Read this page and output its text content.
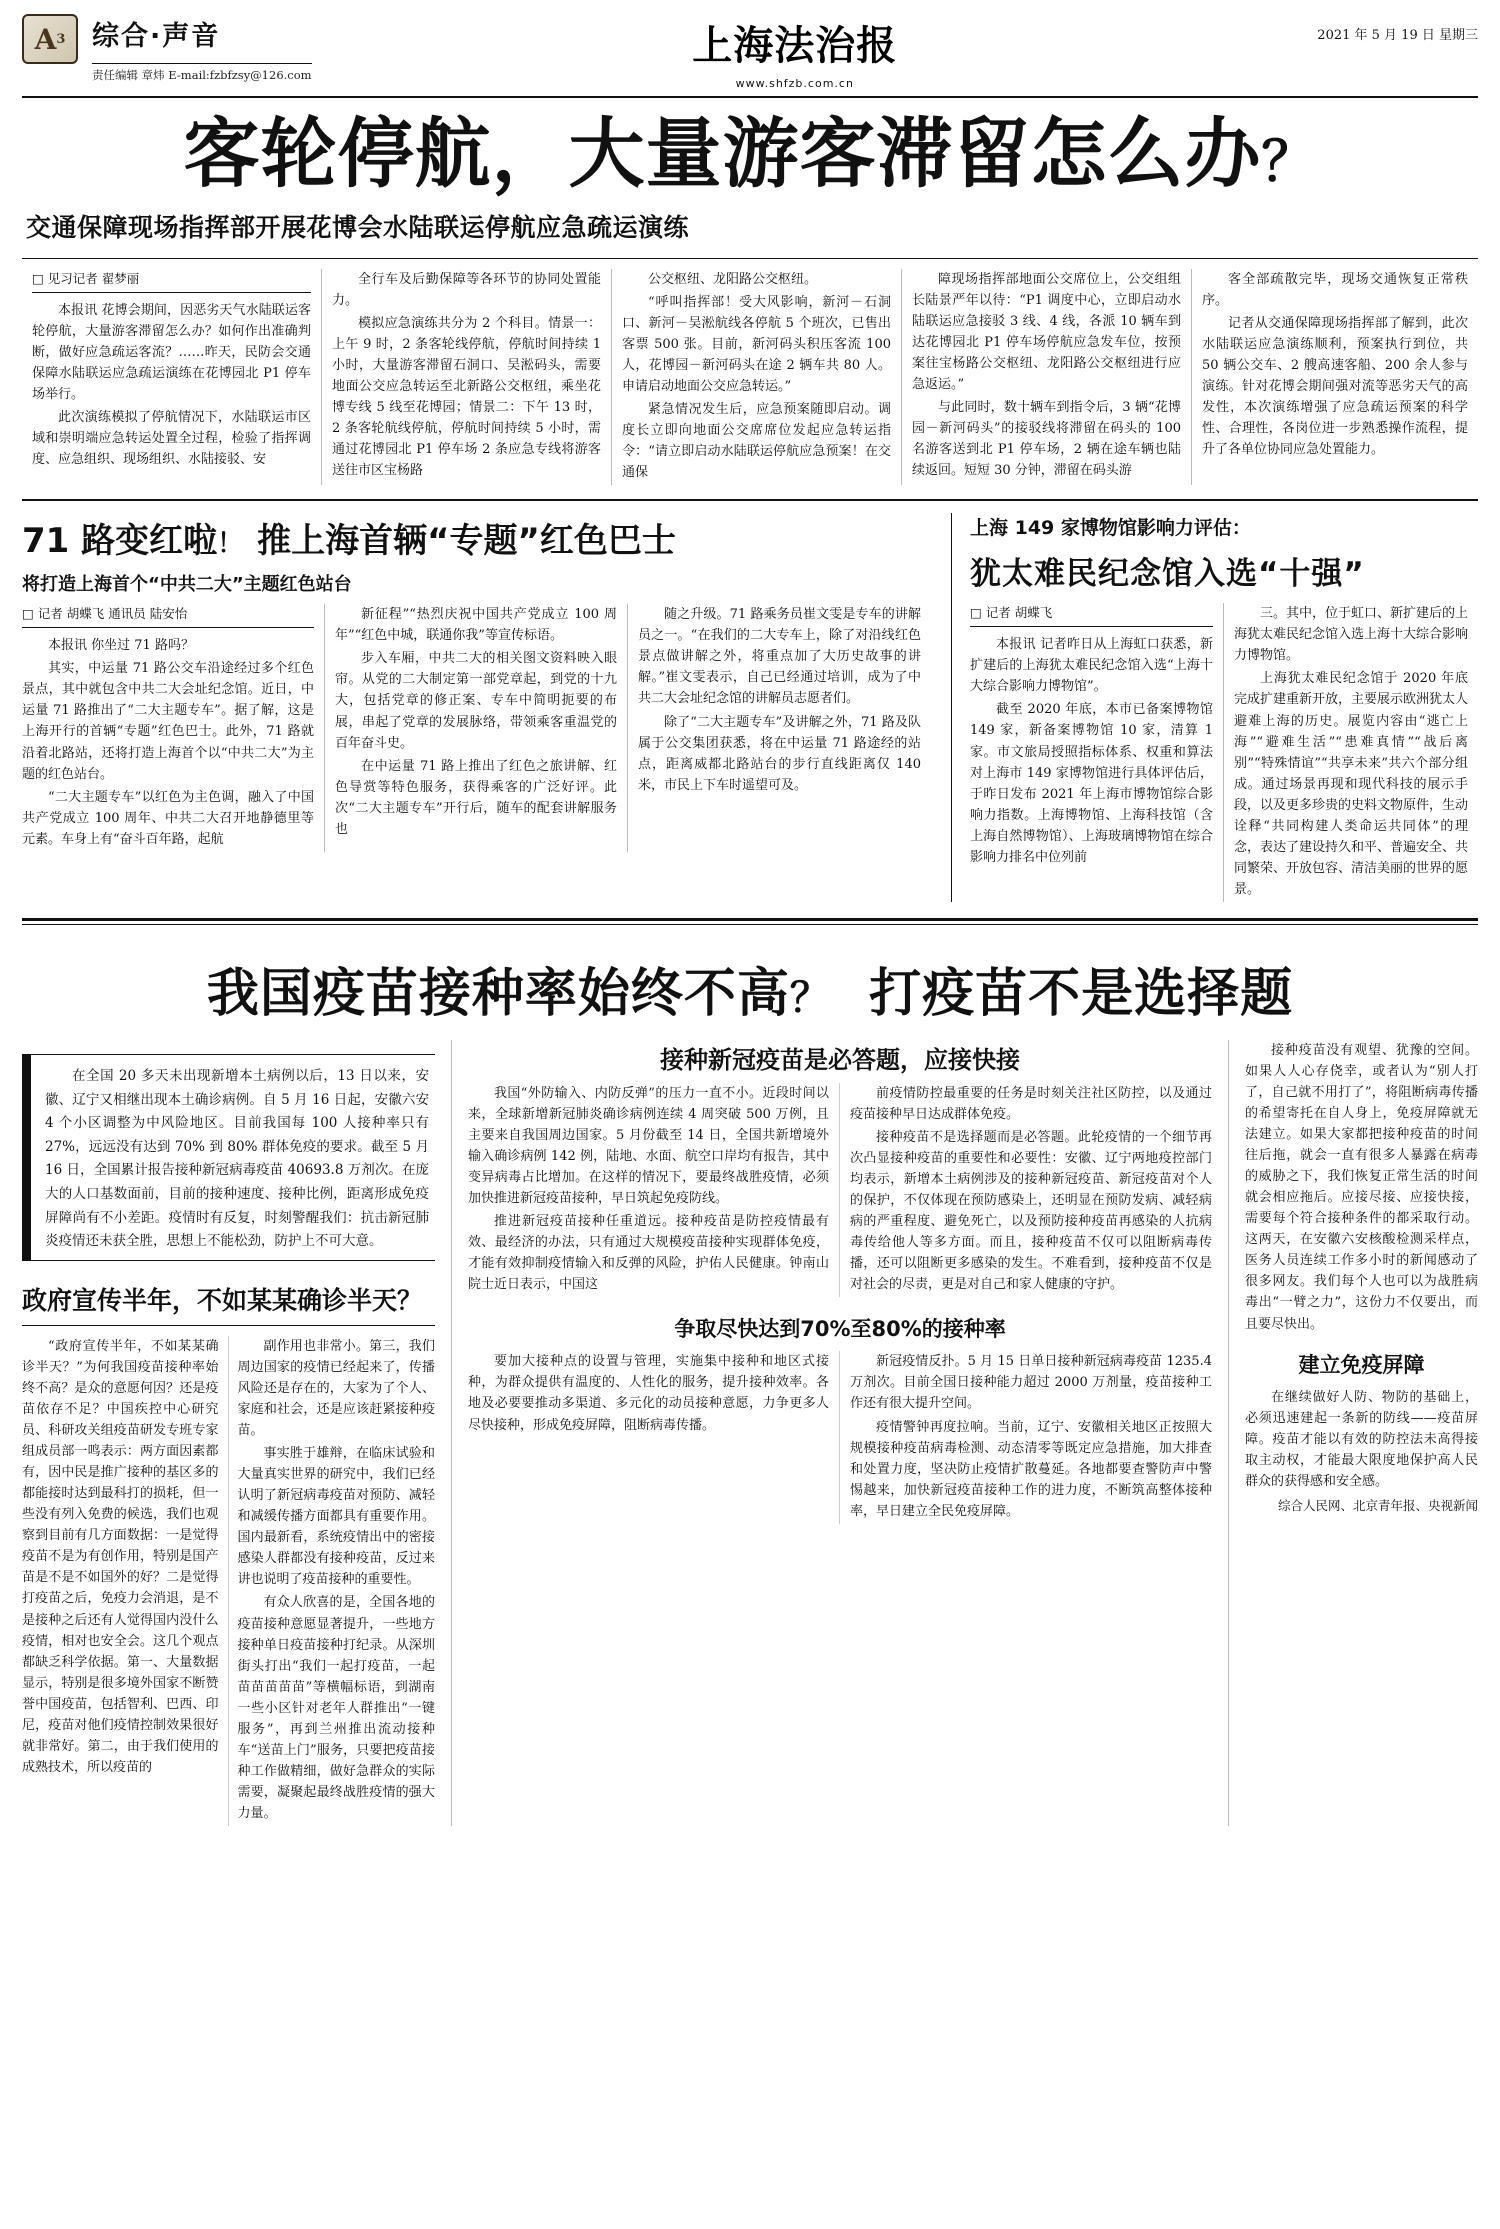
A 3 综合·声音
责任编辑 章炜 E-mail:fzbfzsy@126.com
上海法治报
www.shfzb.com.cn
2021 年 5 月 19 日 星期三
客轮停航，大量游客滞留怎么办？
交通保障现场指挥部开展花博会水陆联运停航应急疏运演练
□ 见习记者 翟梦丽

本报讯 花博会期间，因恶劣天气水陆联运客轮停航，大量游客滞留怎么办？如何作出准确判断，做好应急疏运客流？……昨天，民防会交通保障水陆联运应急疏运演练在花博园北 P1 停车场举行。

此次演练模拟了停航情况下，水陆联运市区域和崇明端应急转运处置全过程，检验了指挥调度、应急组织、现场组织、水陆接驳、安

全行车及后勤保障等各环节的协同处置能力。

模拟应急演练共分为 2 个科目。情景一：上午 9 时，2 条客轮线停航，停航时间持续 1 小时，大量游客滞留石洞口、吴淞码头，需要地面公交应急转运至北新路公交枢纽，乘坐花博专线 5 线至花博园；情景二：下午 13 时，2 条客轮航线停航，停航时间持续 5 小时，需通过花博园北 P1 停车场 2 条应急专线将游客送往市区宝杨路

公交枢纽、龙阳路公交枢纽。

“呼叫指挥部！受大风影响，新河－石洞口、新河－吴淞航线各停航 5 个班次，已售出客票 500 张。目前，新河码头积压客流 100 人，花博园－新河码头在途 2 辆车共 80 人。申请启动地面公交应急转运。”

紧急情况发生后，应急预案随即启动。调度长立即向地面公交席席位发起应急转运指令：“请立即启动水陆联运停航应急预案！在交通保

障现场指挥部地面公交席位上，公交组组长陆景严年以待：“P1 调度中心，立即启动水陆联运应急接驳 3 线、4 线，各派 10 辆车到达花博园北 P1 停车场停航应急发车位，按预案往宝杨路公交枢纽、龙阳路公交枢纽进行应急返运。”

与此同时，数十辆车到指令后，3 辆“花博园－新河码头”的接驳线将滞留在码头的 100 名游客送到北 P1 停车场，2 辆在途车辆也陆续返回。短短 30 分钟，滞留在码头游

客全部疏散完毕，现场交通恢复正常秩序。

记者从交通保障现场指挥部了解到，此次水陆联运应急演练顺利，预案执行到位，共 50 辆公交车、2 艘高速客船、200 余人参与演练。针对花博会期间强对流等恶劣天气的高发性，本次演练增强了应急疏运预案的科学性、合理性，各岗位进一步熟悉操作流程，提升了各单位协同应急处置能力。

71 路变红啦 ！ 推上海首辆“专题”红色巴士
将打造上海首个“中共二大”主题红色站台
□ 记者 胡蝶飞 通讯员 陆安怡

本报讯 你坐过 71 路吗？

其实，中运量 71 路公交车沿途经过多个红色景点，其中就包含中共二大会址纪念馆。近日，中运量 71 路推出了“二大主题专车”。据了解，这是上海开行的首辆“专题”红色巴士。此外，71 路就沿着北路站，还将打造上海首个以“中共二大”为主题的红色站台。

“二大主题专车”以红色为主色调，融入了中国共产党成立 100 周年、中共二大召开地静德里等元素。车身上有“奋斗百年路，起航

新征程”“热烈庆祝中国共产党成立 100 周年”“红色中城，联通你我”等宣传标语。

步入车厢，中共二大的相关图文资料映入眼帘。从党的二大制定第一部党章起，到党的十九大，包括党章的修正案、专车中简明扼要的布展，串起了党章的发展脉络，带领乘客重温党的百年奋斗史。

在中运量 71 路上推出了红色之旅讲解、红色导赏等特色服务，获得乘客的广泛好评。此次“二大主题专车”开行后，随车的配套讲解服务也

随之升级。71 路乘务员崔文雯是专车的讲解员之一。“在我们的二大专车上，除了对沿线红色景点做讲解之外，将重点加了大历史故事的讲解。”崔文雯表示，自己已经通过培训，成为了中共二大会址纪念馆的讲解员志愿者们。

除了“二大主题专车”及讲解之外，71 路及队属于公交集团获悉，将在中运量 71 路途经的站点，距离威都北路站台的步行直线距离仅 140 米，市民上下车时遥望可及。

上海 149 家博物馆影响力评估：
犹太难民纪念馆入选“十强”
□ 记者 胡蝶飞

本报讯 记者昨日从上海虹口获悉，新扩建后的上海犹太难民纪念馆入选“上海十大综合影响力博物馆”。

截至 2020 年底，本市已备案博物馆 149 家，新备案博物馆 10 家，清算 1 家。市文旅局授照指标体系、权重和算法对上海市 149 家博物馆进行具体评估后，于昨日发布 2021 年上海市博物馆综合影响力指数。上海博物馆、上海科技馆（含上海自然博物馆）、上海玻璃博物馆在综合影响力排名中位列前

三。其中，位于虹口、新扩建后的上海犹太难民纪念馆入选上海十大综合影响力博物馆。

上海犹太难民纪念馆于 2020 年底完成扩建重新开放，主要展示欧洲犹太人避难上海的历史。展览内容由“逃亡上海”“避难生活”“患难真情”“战后离别”“特殊情谊”“共享未来”共六个部分组成。通过场景再现和现代科技的展示手段，以及更多珍贵的史料文物原件，生动诠释“共同构建人类命运共同体”的理念，表达了建设持久和平、普遍安全、共同繁荣、开放包容、清洁美丽的世界的愿景。

我国疫苗接种率始终不高？ 打疫苗不是选择题

在全国 20 多天未出现新增本土病例以后，13 日以来，安徽、辽宁又相继出现本土确诊病例。自 5 月 16 日起，安徽六安 4 个小区调整为中风险地区。目前我国每 100 人接种率只有 27%，远远没有达到 70% 到 80% 群体免疫的要求。截至 5 月 16 日，全国累计报告接种新冠病毒疫苗 40693.8 万剂次。在庞大的人口基数面前，目前的接种速度、接种比例，距离形成免疫屏障尚有不小差距。疫情时有反复，时刻警醒我们：抗击新冠肺炎疫情还未获全胜，思想上不能松劲，防护上不可大意。

政府宣传半年，不如某某确诊半天？

“政府宣传半年，不如某某确诊半天？”为何我国疫苗接种率始终不高？是众的意愿何因？还是疫苗依存不足？中国疾控中心研究员、科研攻关组疫苗研发专班专家组成员部一鸣表示：两方面因素都有，因中民是推广接种的基区多的都能接时达到最科打的损耗，但一些没有列入免费的候选，我们也观察到目前有几方面数据：一是觉得疫苗不是为有创作用，特别是国产苗是不是不如国外的好？二是觉得打疫苗之后，免疫力会消退，是不是接种之后还有人觉得国内没什么疫情，相对也安全会。这几个观点都缺乏科学依据。第一、大量数据显示，特别是很多境外国家不断赞誉中国疫苗，包括智利、巴西、印尼，疫苗对他们疫情控制效果很好就非常好。第二，由于我们使用的成熟技术，所以疫苗的

副作用也非常小。第三，我们周边国家的疫情已经起来了，传播风险还是存在的，大家为了个人、家庭和社会，还是应该赶紧接种疫苗。

事实胜于雄辩，在临床试验和大量真实世界的研究中，我们已经认明了新冠病毒疫苗对预防、减轻和减缓传播方面都具有重要作用。国内最新看，系统疫情出中的密接感染人群都没有接种疫苗，反过来讲也说明了疫苗接种的重要性。

有众人欣喜的是，全国各地的疫苗接种意愿显著提升，一些地方接种单日疫苗接种打纪录。从深圳街头打出“我们一起打疫苗，一起苗苗苗苗苗”等横幅标语，到湖南一些小区针对老年人群推出“一键服务”，再到兰州推出流动接种车“送苗上门”服务，只要把疫苗接种工作做精细，做好急群众的实际需要，凝聚起最终战胜疫情的强大力量。

接种新冠疫苗是必答题，应接快接

我国“外防输入、内防反弹”的压力一直不小。近段时间以来，全球新增新冠肺炎确诊病例连续 4 周突破 500 万例，且主要来自我国周边国家。5 月份截至 14 日，全国共新增境外输入确诊病例 142 例，陆地、水面、航空口岸均有报告，其中变异病毒占比增加。在这样的情况下，要最终战胜疫情，必须加快推进新冠疫苗接种，早日筑起免疫防线。

推进新冠疫苗接种任重道远。接种疫苗是防控疫情最有效、最经济的办法，只有通过大规模疫苗接种实现群体免疫，才能有效抑制疫情输入和反弹的风险，护佑人民健康。钟南山院士近日表示，中国这

前疫情防控最重要的任务是时刻关注社区防控，以及通过疫苗接种早日达成群体免疫。

接种疫苗不是选择题而是必答题。此轮疫情的一个细节再次凸显接种疫苗的重要性和必要性：安徽、辽宁两地疫控部门均表示，新增本土病例涉及的接种新冠疫苗、新冠疫苗对个人的保护，不仅体现在预防感染上，还明显在预防发病、减轻病病的严重程度、避免死亡，以及预防接种疫苗再感染的人抗病毒传给他人等多方面。而且，接种疫苗不仅可以阻断病毒传播，还可以阻断更多感染的发生。不难看到，接种疫苗不仅是对社会的尽责，更是对自己和家人健康的守护。

争取尽快达到70%至80%的接种率

要加大接种点的设置与管理，实施集中接种和地区式接种，为群众提供有温度的、人性化的服务，提升接种效率。各地及必要要推动多渠道、多元化的动员接种意愿，力争更多人尽快接种，形成免疫屏障，阻断病毒传播。

新冠疫情反扑。5 月 15 日单日接种新冠病毒疫苗 1235.4 万剂次。目前全国日接种能力超过 2000 万剂量，疫苗接种工作还有很大提升空间。

疫情警钟再度拉响。当前，辽宁、安徽相关地区正按照大规模接种疫苗病毒检测、动态清零等既定应急措施，加大排查和处置力度，坚决防止疫情扩散蔓延。各地都要查警防声中警惕越来，加快新冠疫苗接种工作的进力度，不断筑高整体接种率，早日建立全民免疫屏障。

接种疫苗没有观望、犹豫的空间。如果人人心存侥幸，或者认为“别人打了，自己就不用打了”，将阻断病毒传播的希望寄托在自人身上，免疫屏障就无法建立。如果大家都把接种疫苗的时间往后拖，就会一直有很多人暴露在病毒的威胁之下，我们恢复正常生活的时间就会相应拖后。应接尽接、应接快接，需要每个符合接种条件的都采取行动。这两天，在安徽六安核酸检测采样点，医务人员连续工作多小时的新闻感动了很多网友。我们每个人也可以为战胜病毒出“一臂之力”，这份力不仅要出，而且要尽快出。

建立免疫屏障

在继续做好人防、物防的基础上，必须迅速建起一条新的防线——疫苗屏障。疫苗才能以有效的防控法未高得接取主动权，才能最大限度地保护高人民群众的获得感和安全感。

综合人民网、北京青年报、央视新闻
